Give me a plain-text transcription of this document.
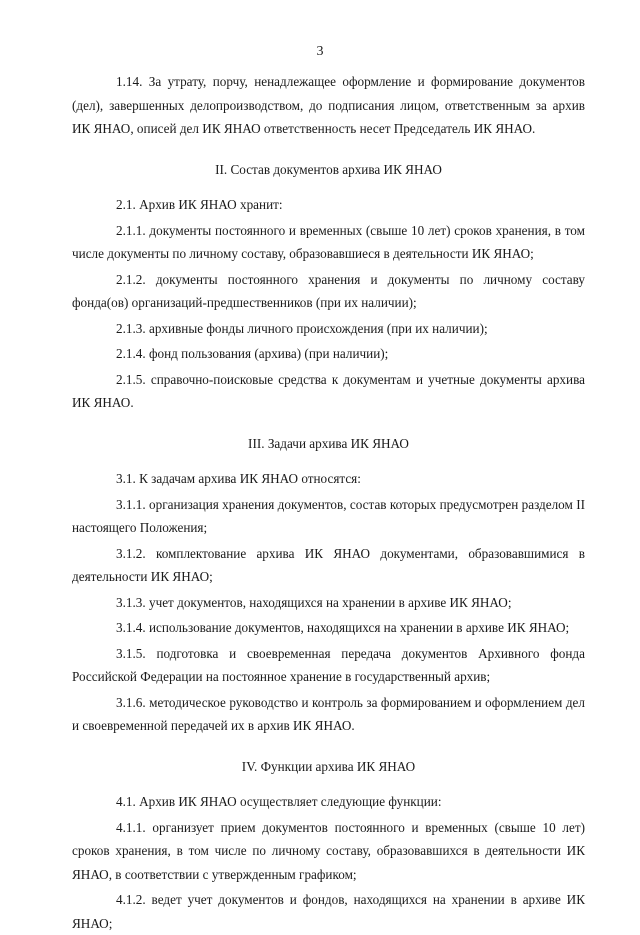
3

1.14. За утрату, порчу, ненадлежащее оформление и формирование документов (дел), завершенных делопроизводством, до подписания лицом, ответственным за архив ИК ЯНАО, описей дел ИК ЯНАО ответственность несет Председатель ИК ЯНАО.

II. Состав документов архива ИК ЯНАО

2.1. Архив ИК ЯНАО хранит:

2.1.1. документы постоянного и временных (свыше 10 лет) сроков хранения, в том числе документы по личному составу, образовавшиеся в деятельности ИК ЯНАО;

2.1.2. документы постоянного хранения и документы по личному составу фонда(ов) организаций-предшественников (при их наличии);

2.1.3. архивные фонды личного происхождения (при их наличии);

2.1.4. фонд пользования (архива) (при наличии);

2.1.5. справочно-поисковые средства к документам и учетные документы архива ИК ЯНАО.

III. Задачи архива ИК ЯНАО

3.1. К задачам архива ИК ЯНАО относятся:

3.1.1. организация хранения документов, состав которых предусмотрен разделом II настоящего Положения;

3.1.2. комплектование архива ИК ЯНАО документами, образовавшимися в деятельности ИК ЯНАО;

3.1.3. учет документов, находящихся на хранении в архиве ИК ЯНАО;

3.1.4. использование документов, находящихся на хранении в архиве ИК ЯНАО;

3.1.5. подготовка и своевременная передача документов Архивного фонда Российской Федерации на постоянное хранение в государственный архив;

3.1.6. методическое руководство и контроль за формированием и оформлением дел и своевременной передачей их в архив ИК ЯНАО.

IV. Функции архива ИК ЯНАО

4.1. Архив ИК ЯНАО осуществляет следующие функции:

4.1.1. организует прием документов постоянного и временных (свыше 10 лет) сроков хранения, в том числе по личному составу, образовавшихся в деятельности ИК ЯНАО, в соответствии с утвержденным графиком;

4.1.2. ведет учет документов и фондов, находящихся на хранении в архиве ИК ЯНАО;
